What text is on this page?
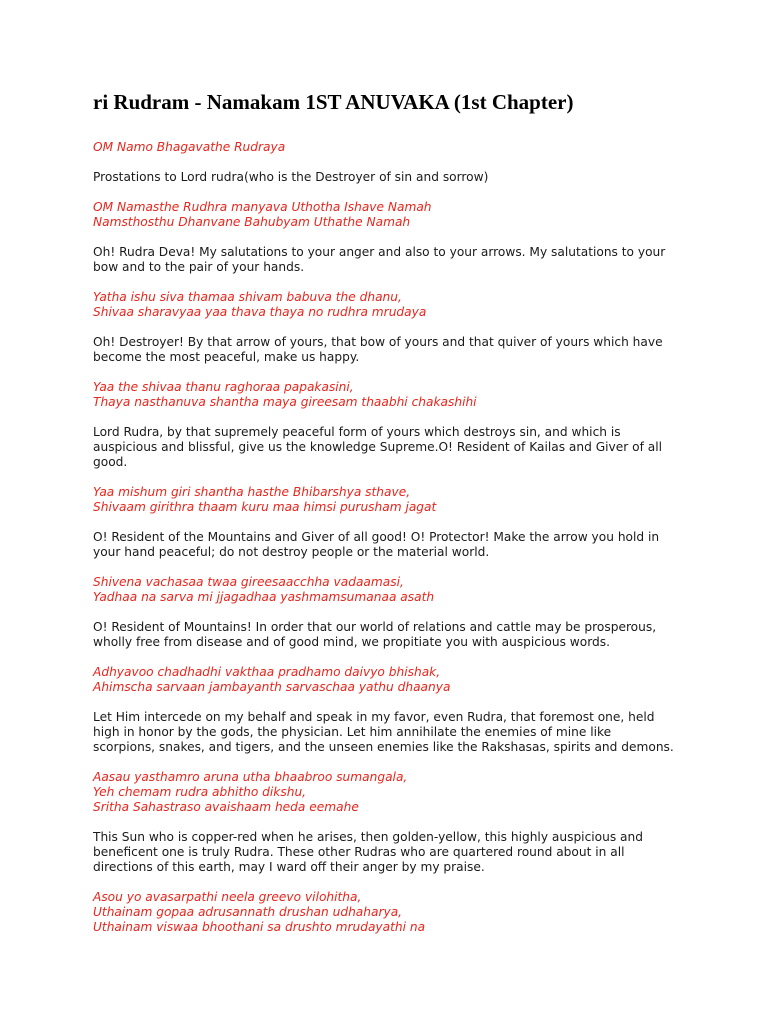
ri Rudram - Namakam 1ST ANUVAKA (1st Chapter)
OM Namo Bhagavathe Rudraya
Prostations to Lord rudra(who is the Destroyer of sin and sorrow)
OM Namasthe Rudhra manyava Uthotha Ishave Namah
Namsthosthu Dhanvane Bahubyam Uthathe Namah
Oh! Rudra Deva! My salutations to your anger and also to your arrows. My salutations to your
bow and to the pair of your hands.
Yatha ishu siva thamaa shivam babuva the dhanu,
Shivaa sharavyaa yaa thava thaya no rudhra mrudaya
Oh! Destroyer! By that arrow of yours, that bow of yours and that quiver of yours which have
become the most peaceful, make us happy.
Yaa the shivaa thanu raghoraa papakasini,
Thaya nasthanuva shantha maya gireesam thaabhi chakashihi
Lord Rudra, by that supremely peaceful form of yours which destroys sin, and which is
auspicious and blissful, give us the knowledge Supreme.O! Resident of Kailas and Giver of all
good.
Yaa mishum giri shantha hasthe Bhibarshya sthave,
Shivaam girithra thaam kuru maa himsi purusham jagat
O! Resident of the Mountains and Giver of all good! O! Protector! Make the arrow you hold in
your hand peaceful; do not destroy people or the material world.
Shivena vachasaa twaa gireesaacchha vadaamasi,
Yadhaa na sarva mi jjagadhaa yashmamsumanaa asath
O! Resident of Mountains! In order that our world of relations and cattle may be prosperous,
wholly free from disease and of good mind, we propitiate you with auspicious words.
Adhyavoo chadhadhi vakthaa pradhamo daivyo bhishak,
Ahimscha sarvaan jambayanth sarvaschaa yathu dhaanya
Let Him intercede on my behalf and speak in my favor, even Rudra, that foremost one, held
high in honor by the gods, the physician. Let him annihilate the enemies of mine like
scorpions, snakes, and tigers, and the unseen enemies like the Rakshasas, spirits and demons.
Aasau yasthamro aruna utha bhaabroo sumangala,
Yeh chemam rudra abhitho dikshu,
Sritha Sahastraso avaishaam heda eemahe
This Sun who is copper-red when he arises, then golden-yellow, this highly auspicious and
beneficent one is truly Rudra. These other Rudras who are quartered round about in all
directions of this earth, may I ward off their anger by my praise.
Asou yo avasarpathi neela greevo vilohitha,
Uthainam gopaa adrusannath drushan udhaharya,
Uthainam viswaa bhoothani sa drushto mrudayathi na
